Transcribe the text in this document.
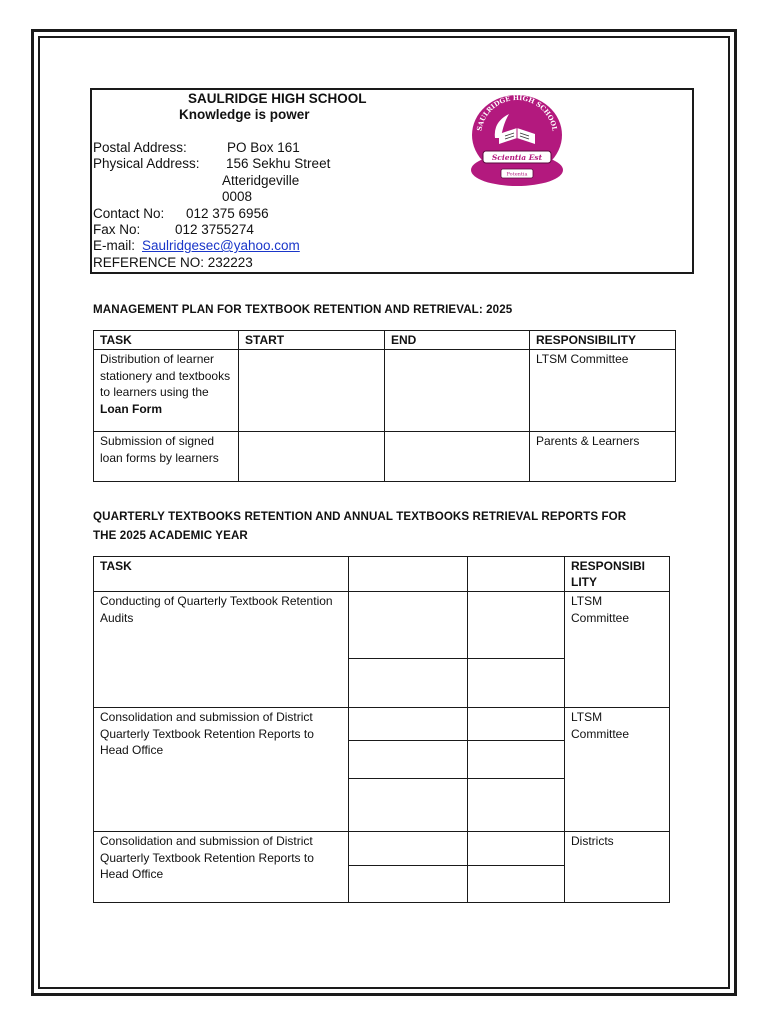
SAULRIDGE HIGH SCHOOL
Knowledge is power
Postal Address:	PO Box 161
Physical Address: 156 Sekhu Street
Atteridgeville
0008
Contact No: 012 375 6956
Fax No:	012 3755274
E-mail: Saulridgesec@yahoo.com
REFERENCE NO: 232223
SAULRIDGE HIGH SCHOOL
Scientia Est
Potentia
MANAGEMENT PLAN FOR TEXTBOOK RETENTION AND RETRIEVAL: 2025
TASK	START	END	RESPONSIBILITY
Distribution of learner stationery and textbooks to learners using the
Loan Form			LTSM Committee
Submission of signed loan forms by learners			Parents & Learners
QUARTERLY TEXTBOOKS RETENTION AND ANNUAL TEXTBOOKS RETRIEVAL REPORTS FOR
THE 2025 ACADEMIC YEAR
TASK			RESPONSIBI
LITY
Conducting of Quarterly Textbook Retention Audits			LTSM Committee

Consolidation and submission of District Quarterly Textbook Retention Reports to Head Office			LTSM Committee

Consolidation and submission of District Quarterly Textbook Retention Reports to Head Office			Districts
